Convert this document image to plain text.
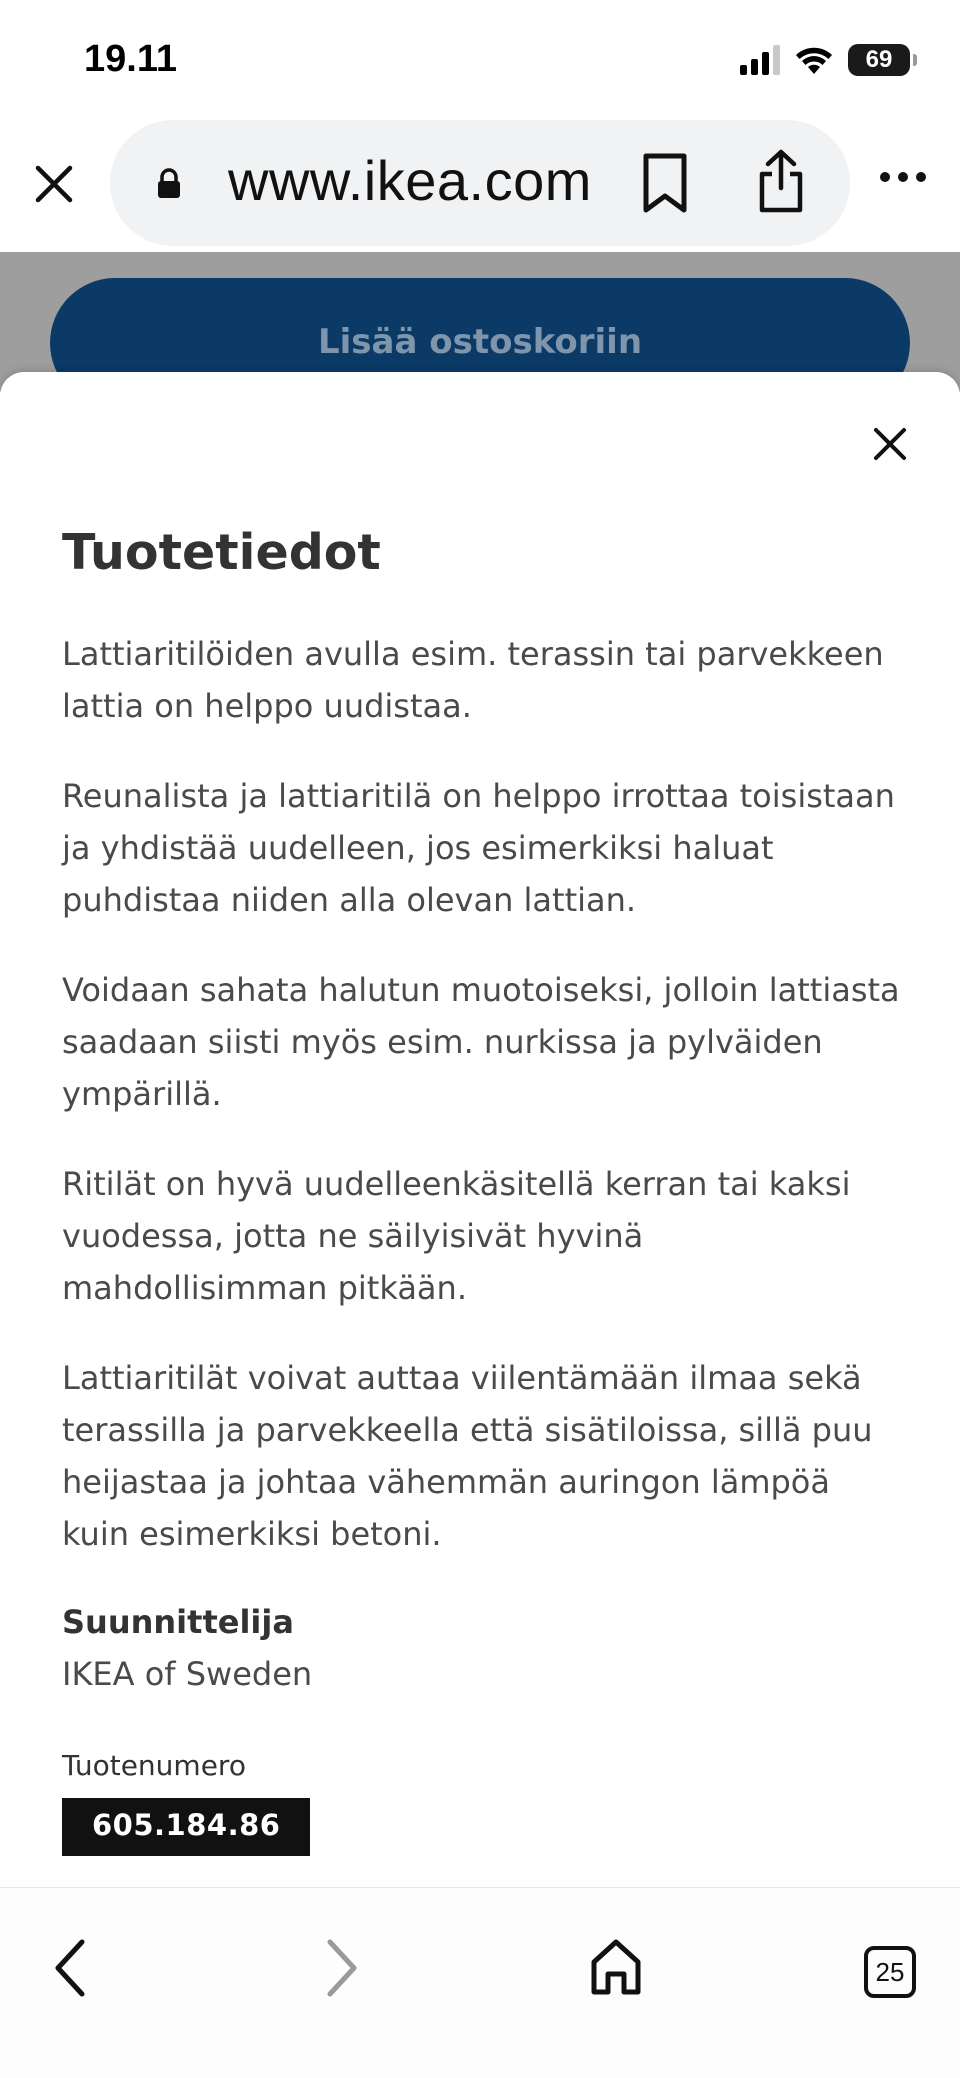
19.11	69
www.ikea.com
Lisää ostoskoriin
Tuotetiedot

Lattiaritilöiden avulla esim. terassin tai parvekkeen lattia on helppo uudistaa.

Reunalista ja lattiaritilä on helppo irrottaa toisistaan ja yhdistää uudelleen, jos esimerkiksi haluat puhdistaa niiden alla olevan lattian.

Voidaan sahata halutun muotoiseksi, jolloin lattiasta saadaan siisti myös esim. nurkissa ja pylväiden ympärillä.

Ritilät on hyvä uudelleenkäsitellä kerran tai kaksi vuodessa, jotta ne säilyisivät hyvinä mahdollisimman pitkään.

Lattiaritilät voivat auttaa viilentämään ilmaa sekä terassilla ja parvekkeella että sisätiloissa, sillä puu heijastaa ja johtaa vähemmän auringon lämpöä kuin esimerkiksi betoni.

Suunnittelija
IKEA of Sweden
Tuotenumero
605.184.86
25
